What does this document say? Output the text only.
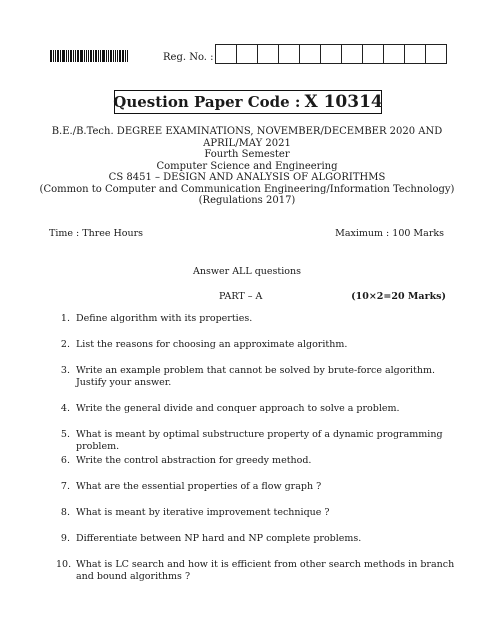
Reg. No. :
Question Paper Code : X 10314
B.E./B.Tech. DEGREE EXAMINATIONS, NOVEMBER/DECEMBER 2020 AND
APRIL/MAY 2021
Fourth Semester
Computer Science and Engineering
CS 8451 – DESIGN AND ANALYSIS OF ALGORITHMS
(Common to Computer and Communication Engineering/Information Technology)
(Regulations 2017)
Time : Three Hours	Maximum : 100 Marks
Answer ALL questions
PART – A	(10×2=20 Marks)
1. Define algorithm with its properties.
2. List the reasons for choosing an approximate algorithm.
3. Write an example problem that cannot be solved by brute-force algorithm. Justify your answer.
4. Write the general divide and conquer approach to solve a problem.
5. What is meant by optimal substructure property of a dynamic programming problem.
6. Write the control abstraction for greedy method.
7. What are the essential properties of a flow graph ?
8. What is meant by iterative improvement technique ?
9. Differentiate between NP hard and NP complete problems.
10. What is LC search and how it is efficient from other search methods in branch and bound algorithms ?
